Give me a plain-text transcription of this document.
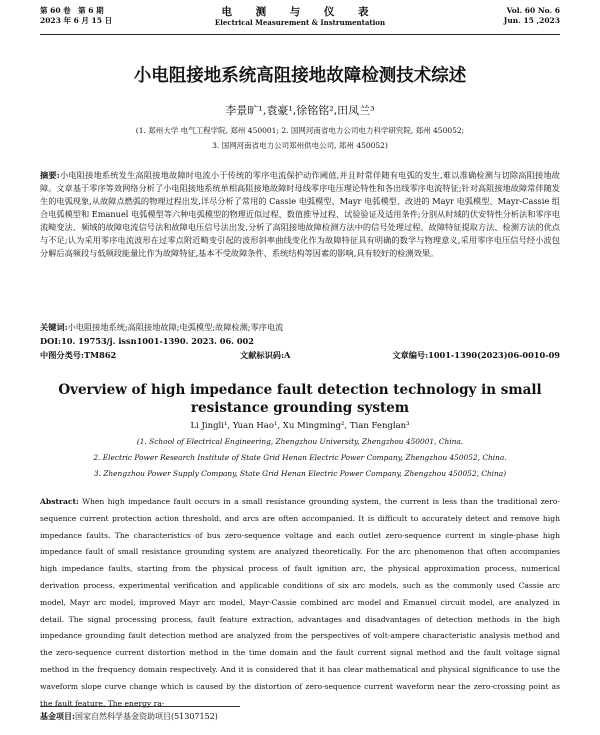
第 60 卷　第 6 期
2023 年 6 月 15 日
电 测 与 仪 表
Electrical Measurement & Instrumentation
Vol. 60 No. 6
Jun. 15 ,2023
小电阻接地系统高阻接地故障检测技术综述
李景旷¹,袁豪¹,徐铭铭²,田凤兰³
(1. 郑州大学 电气工程学院, 郑州 450001; 2. 国网河南省电力公司电力科学研究院, 郑州 450052;
3. 国网河南省电力公司郑州供电公司, 郑州 450052)
摘要:小电阻接地系统发生高阻接地故障时电流小于传统的零序电流保护动作阈值,并且时常伴随有电弧的发生,难以准确检测与切除高阻接地故障。文章基于零序等效网络分析了小电阻接地系统单相高阻接地故障时母线零序电压理论特性和各出线零序电流特征;针对高阻接地故障常伴随发生的电弧现象,从故障点燃弧的物理过程出发,详尽分析了常用的 Cassie 电弧模型、Mayr 电弧模型、改进的 Mayr 电弧模型、Mayr-Cassie 组合电弧模型和 Emanuel 电弧模型等六种电弧模型的物理近似过程、数值推导过程、试验验证及适用条件;分别从时域的伏安特性分析法和零序电流畸变法、频域的故障电流信号法和故障电压信号法出发,分析了高阻接地故障检测方法中的信号处理过程、故障特征提取方法、检测方法的优点与不足;认为采用零序电流波形在过零点附近畸变引起的波形斜率曲线变化作为故障特征具有明确的数学与物理意义,采用零序电压信号经小波包分解后高频段与低频段能量比作为故障特征,基本不受故障条件、系统结构等因素的影响,具有较好的检测效果。
关键词:小电阻接地系统;高阻接地故障;电弧模型;故障检测;零序电流
DOI:10. 19753/j. issn1001-1390. 2023. 06. 002
中图分类号:TM862	文献标识码:A	文章编号:1001-1390(2023)06-0010-09
Overview of high impedance fault detection technology in small
resistance grounding system
Li Jingli¹, Yuan Hao¹, Xu Mingming², Tian Fenglan³
(1. School of Electrical Engineering, Zhengzhou University, Zhengzhou 450001, China.
2. Electric Power Research Institute of State Grid Henan Electric Power Company, Zhengzhou 450052, China.
3. Zhengzhou Power Supply Company, State Grid Henan Electric Power Company, Zhengzhou 450052, China)
Abstract: When high impedance fault occurs in a small resistance grounding system, the current is less than the traditional zero-sequence current protection action threshold, and arcs are often accompanied. It is difficult to accurately detect and remove high impedance faults. The characteristics of bus zero-sequence voltage and each outlet zero-sequence current in single-phase high impedance fault of small resistance grounding system are analyzed theoretically. For the arc phenomenon that often accompanies high impedance faults, starting from the physical process of fault ignition arc, the physical approximation process, numerical derivation process, experimental verification and applicable conditions of six arc models, such as the commonly used Cassie arc model, Mayr arc model, improved Mayr arc model, Mayr-Cassie combined arc model and Emanuel circuit model, are analyzed in detail. The signal processing process, fault feature extraction, advantages and disadvantages of detection methods in the high impedance grounding fault detection method are analyzed from the perspectives of volt-ampere characteristic analysis method and the zero-sequence current distortion method in the time domain and the fault current signal method and the fault voltage signal method in the frequency domain respectively. And it is considered that it has clear mathematical and physical significance to use the waveform slope curve change which is caused by the distortion of zero-sequence current waveform near the zero-crossing point as the fault feature. The energy ra-
基金项目:国家自然科学基金资助项目(51307152)
